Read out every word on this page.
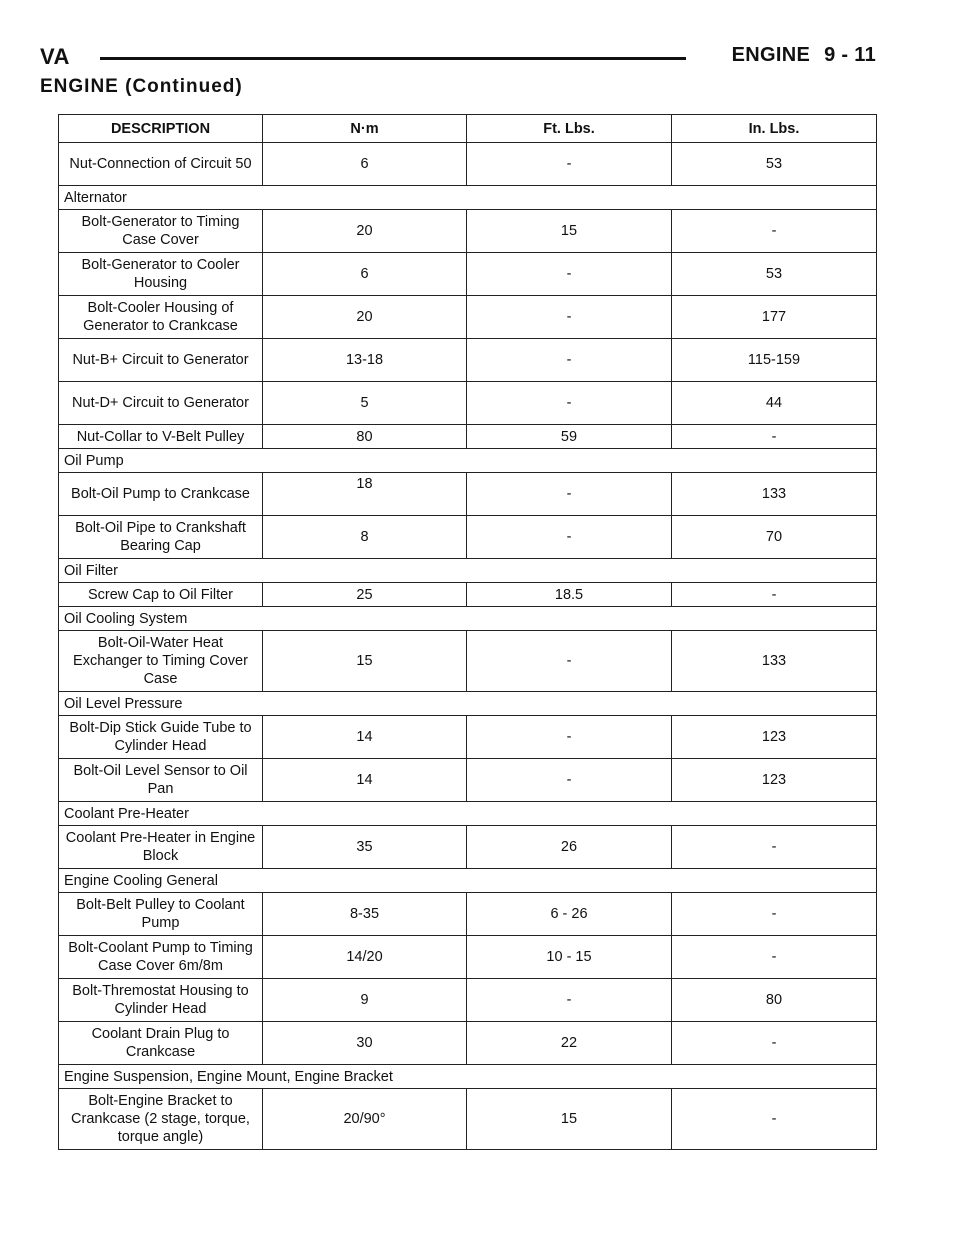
VA	ENGINE 9 - 11
ENGINE (Continued)
DESCRIPTION	N·m	Ft. Lbs.	In. Lbs.
Nut-Connection of Circuit 50	6	-	53
Alternator			
Bolt-Generator to Timing Case Cover	20	15	-
Bolt-Generator to Cooler Housing	6	-	53
Bolt-Cooler Housing of Generator to Crankcase	20	-	177
Nut-B+ Circuit to Generator	13-18	-	115-159
Nut-D+ Circuit to Generator	5	-	44
Nut-Collar to V-Belt Pulley	80	59	-
Oil Pump			
Bolt-Oil Pump to Crankcase	18	-	133
Bolt-Oil Pipe to Crankshaft Bearing Cap	8	-	70
Oil Filter			
Screw Cap to Oil Filter	25	18.5	-
Oil Cooling System			
Bolt-Oil-Water Heat Exchanger to Timing Cover Case	15	-	133
Oil Level Pressure			
Bolt-Dip Stick Guide Tube to Cylinder Head	14	-	123
Bolt-Oil Level Sensor to Oil Pan	14	-	123
Coolant Pre-Heater			
Coolant Pre-Heater in Engine Block	35	26	-
Engine Cooling General			
Bolt-Belt Pulley to Coolant Pump	8-35	6 - 26	-
Bolt-Coolant Pump to Timing Case Cover 6m/8m	14/20	10 - 15	-
Bolt-Thremostat Housing to Cylinder Head	9	-	80
Coolant Drain Plug to Crankcase	30	22	-
Engine Suspension, Engine Mount, Engine Bracket			
Bolt-Engine Bracket to Crankcase (2 stage, torque, torque angle)	20/90°	15	-
